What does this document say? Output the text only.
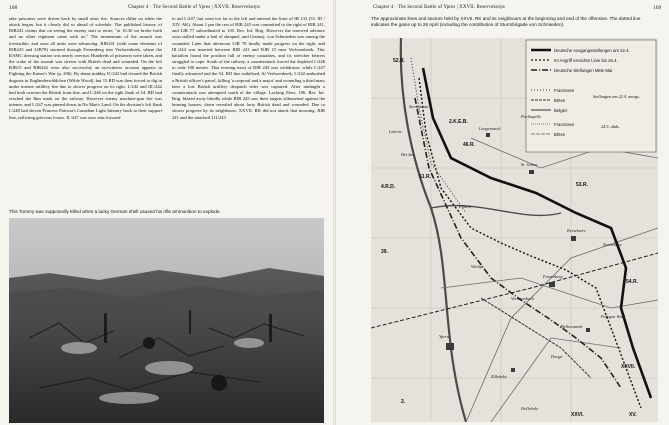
108	Chapter 4 · The Second Battle of Ypres | XXVII. Reservekorps

take prisoners were driven back by small arms fire. Sources differ on when the attack began, but it clearly did so ahead of schedule. The published history of RIR241 claims that on seeing the enemy start to retire, "at 10.30 we broke forth and no other regiment came with us." The momentum of the assault was irresistible, and soon all units were advancing. RIR241 (with some elements of RIR243 and LIR78) stormed through Frezenberg into Verlorenhoek, where the RAMC dressing station was nearly overrun. Hundreds of prisoners were taken, and the wake of the assault was strewn with British dead and wounded. On the left RJB15 and RIR242 were also successful; an eyewitness account appears in Fighting the Kaiser's War (p. 206). By about midday II./242 had cleared the British dugouts in Engländerwäldchen (Wilde Wood), but 15 RD was then forced to dig in under intense artillery fire due to slower progress on its right. I./242 and III./242 had both overrun the British front line, and I./246 on the right flank of 54. RD had reached the Ikm mark on the railway. However enemy machine-gun fire was intense, and I./247 was pinned down in No Man's Land. On the division's left flank I./248 had driven Princess Patricia's Canadian Light Infantry back to their support line, inflicting grievous losses. II./247 was now sent forward

to aid I./247, but went too far to the left and entered the lines of IR 133 (53. ID / XIV. AK). About 1 pm the rest of RIR 243 was committed to the right of RIR 241, and LIR 77 subordinated to 105. Res. Inf. Brig. However the renewed advance soon stalled under a hail of shrapnel, and Genmaj. von Schmieden was among the wounded. Later that afternoon LIR 78 finally made progress on the right, and III./244 was inserted between RIR 241 and RJB 15 near Verlorenhoek. This battalion found the position full of enemy casualties, and its stretcher bearers struggled to cope. South of the railway, a counterattack forced the depleted I./246 to cede 100 metres. That evening most of RIR 245 was withdrawn, while I./247 finally advanced and the 54. RD line stabilised. At Verlorenhoek, I./242 ambushed a British officer's patrol, killing 'a corporal and a major' and wounding a third man; later a lost British artillery despatch rider was captured. After midnight a counterattack was attempted south of the village. Lacking fliers, 106. Res. Inf. Brig. blazed away blindly while RIR 245 saw their targets silhouetted against the burning houses; dawn revealed about forty British dead and wounded. Due to slower progress by its neighbours, XXVII. RK did not attack that morning. RIR 241 and the attached 111/243

This Tommy was supposedly killed when a lucky German shell caused his rifle ammunition to explode.
Chapter 4 · The Second Battle of Ypres | XXVII. Reservekorps	109
The approximate lines and sectors held by XXVII. RK and its neighbours at the beginning and end of the offensive. The dotted line indicates the gains up to 26 April (including the contribution of Sturmbrigade von Schmieden).
Deutsche Ausgangsstellungen am 22.4.
Im Angriff erreichte Linie bis 26.4.
Deutsche Stellungen Mitte Mai
Franzosen
Briten
Belgier
Franzosen
Briten
Stellungen am 22.4. morgs.
24.5. abds.
52.R.
2.K.E.B.
46.R.
4.R.D.
51.R.
53.R.
54.R.
XV.
XXVI.
XXVII.
39.
2.
Steenstraat
Lizerne
Het Sas
Pilkem
St. Julien
Langemarck
Poelkapelle
Kerselaere
Zonnebeke
Frezenberg
Verlorenhoek
Ypern
Wieltje
Bellewaarde
Zillebeke
Hooge
Polygon Wald
Hollebeke
